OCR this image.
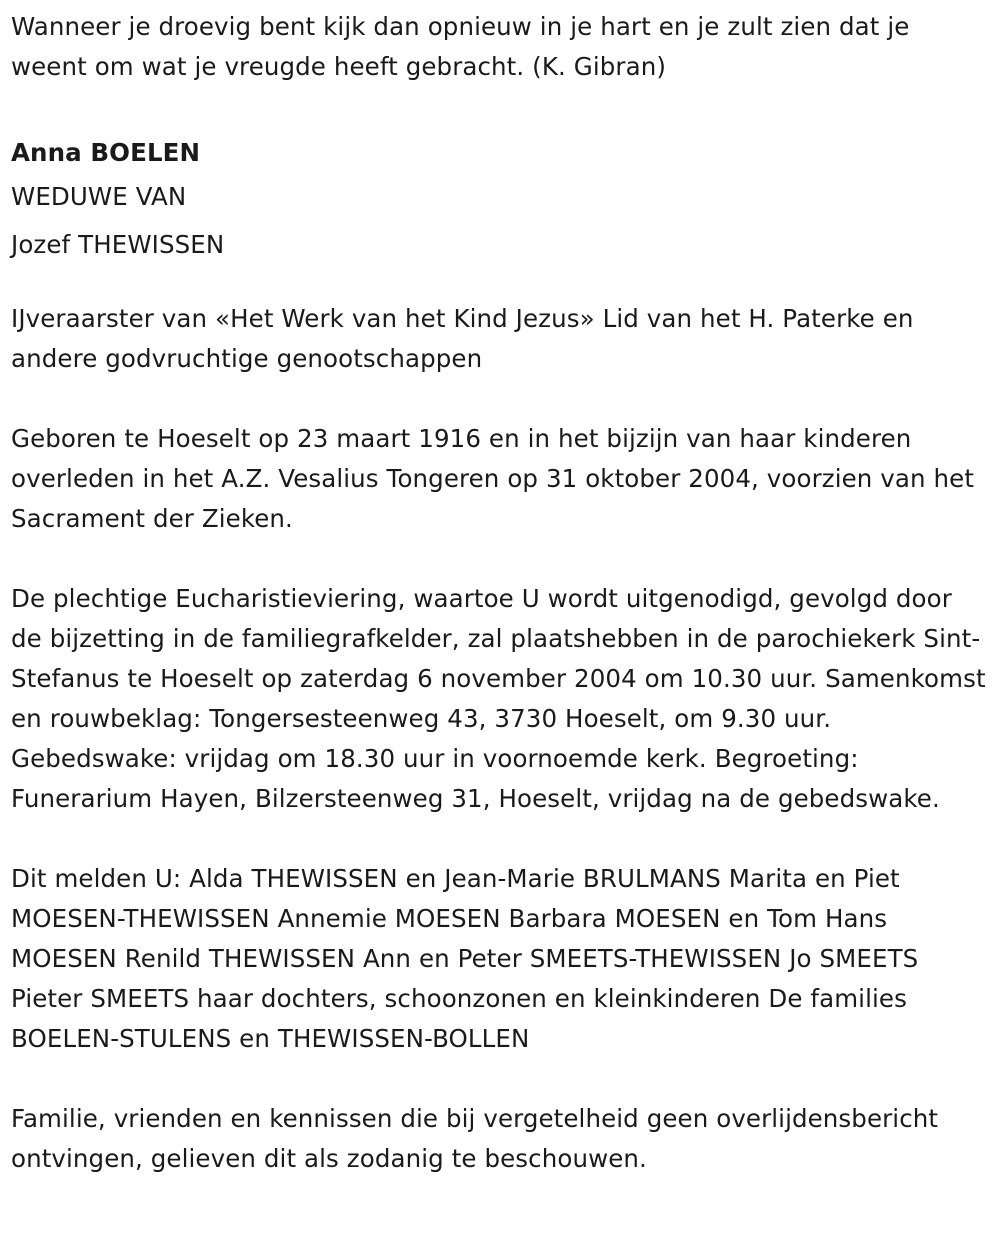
Wanneer je droevig bent kijk dan opnieuw in je hart en je zult zien dat je weent om wat je vreugde heeft gebracht. (K. Gibran)

Anna BOELEN

WEDUWE VAN

Jozef THEWISSEN

IJveraarster van «Het Werk van het Kind Jezus» Lid van het H. Paterke en andere godvruchtige genootschappen

Geboren te Hoeselt op 23 maart 1916 en in het bijzijn van haar kinderen overleden in het A.Z. Vesalius Tongeren op 31 oktober 2004, voorzien van het Sacrament der Zieken.

De plechtige Eucharistieviering, waartoe U wordt uitgenodigd, gevolgd door de bijzetting in de familiegrafkelder, zal plaatshebben in de parochiekerk Sint-Stefanus te Hoeselt op zaterdag 6 november 2004 om 10.30 uur. Samenkomst en rouwbeklag: Tongersesteenweg 43, 3730 Hoeselt, om 9.30 uur. Gebedswake: vrijdag om 18.30 uur in voornoemde kerk. Begroeting: Funerarium Hayen, Bilzersteenweg 31, Hoeselt, vrijdag na de gebedswake.

Dit melden U: Alda THEWISSEN en Jean-Marie BRULMANS Marita en Piet MOESEN-THEWISSEN Annemie MOESEN Barbara MOESEN en Tom Hans MOESEN Renild THEWISSEN Ann en Peter SMEETS-THEWISSEN Jo SMEETS Pieter SMEETS haar dochters, schoonzonen en kleinkinderen De families BOELEN-STULENS en THEWISSEN-BOLLEN

Familie, vrienden en kennissen die bij vergetelheid geen overlijdensbericht ontvingen, gelieven dit als zodanig te beschouwen.
